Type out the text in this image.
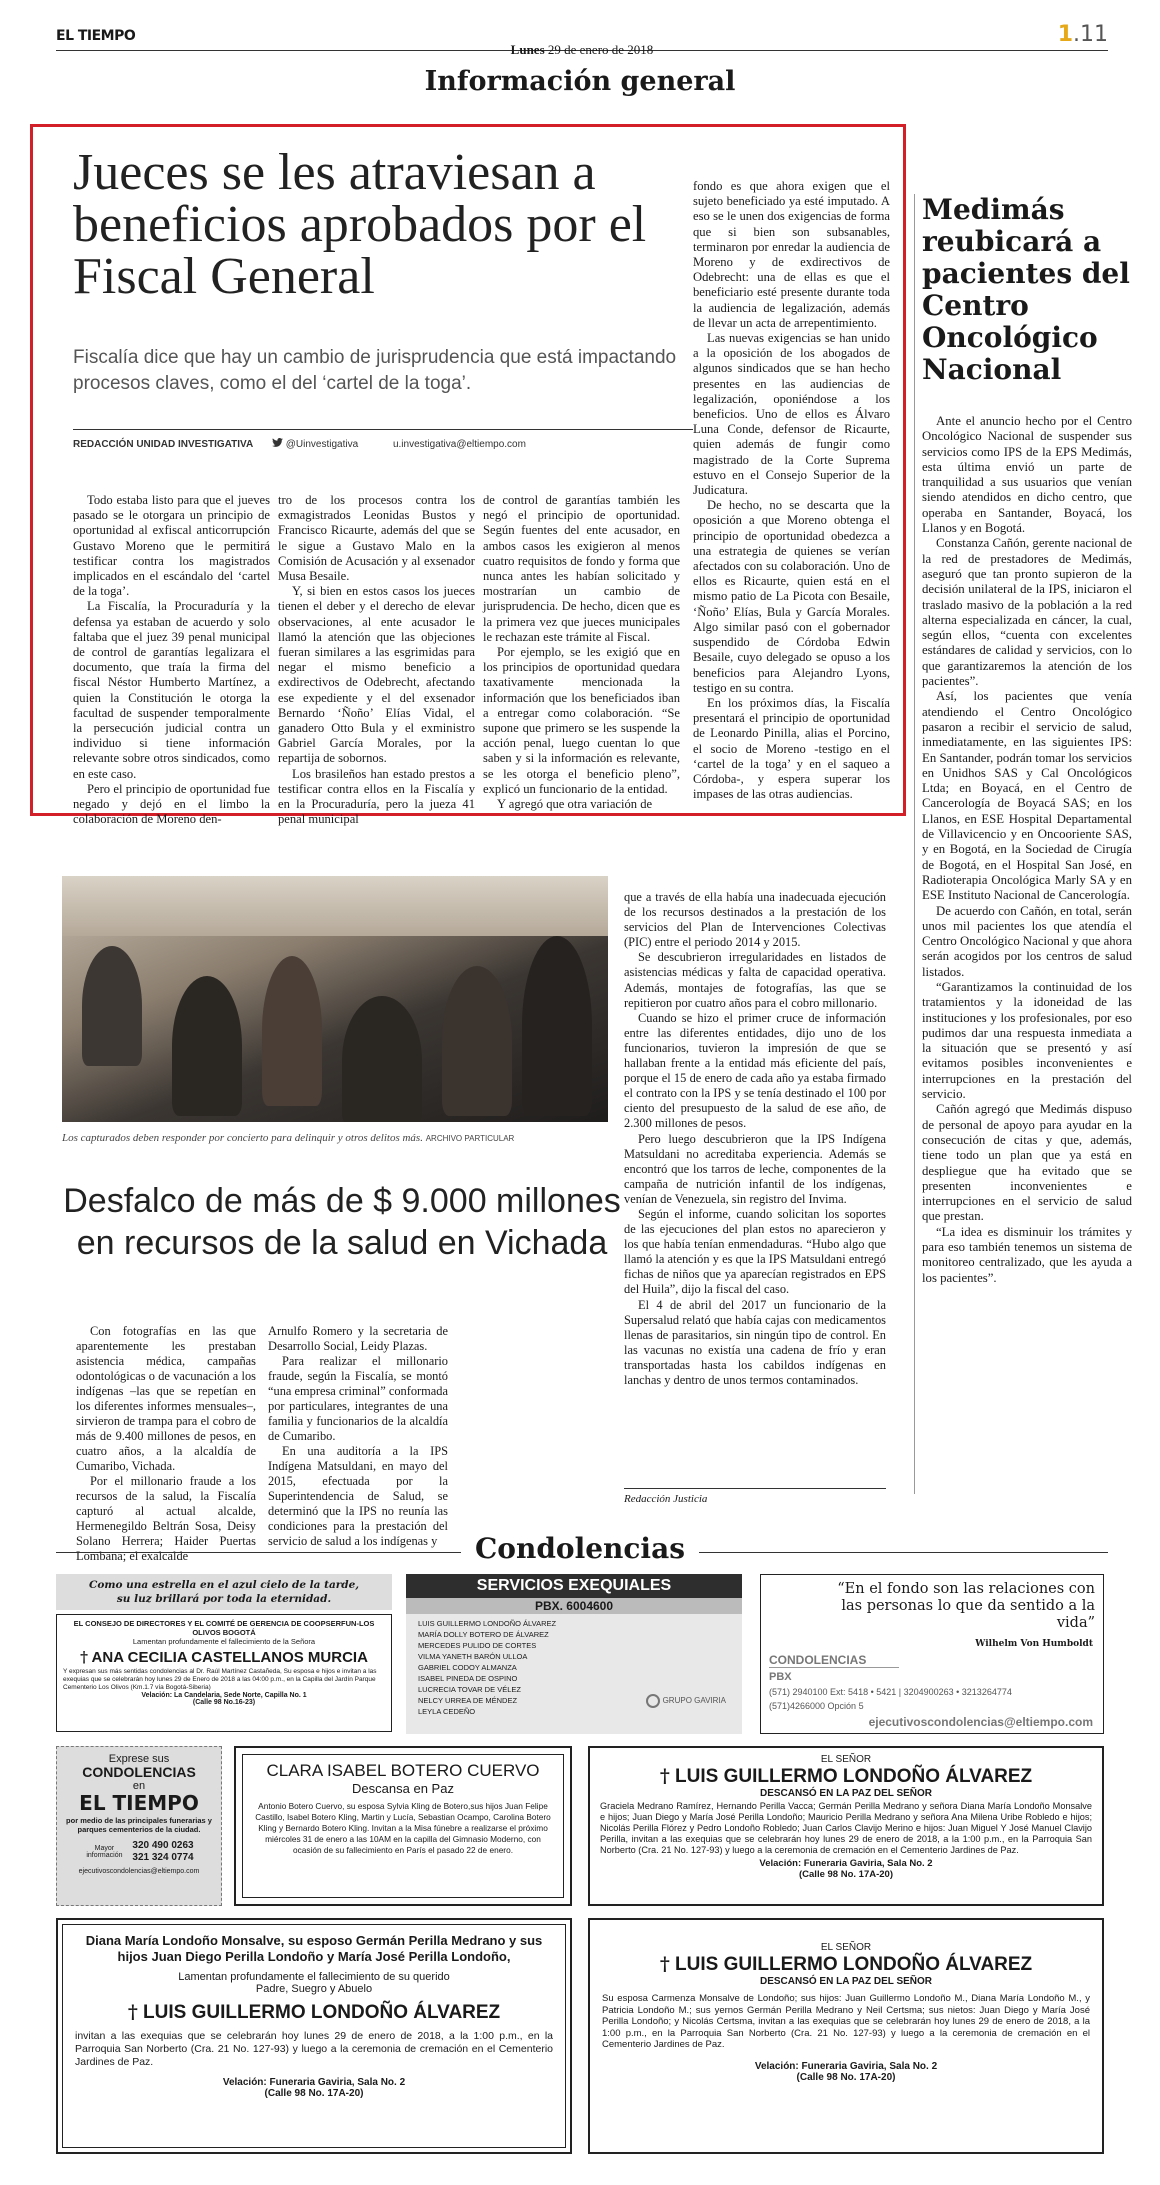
EL TIEMPO
Lunes 29 de enero de 2018
1.11
Información general
Jueces se les atraviesan a beneficios aprobados por el Fiscal General
Fiscalía dice que hay un cambio de jurisprudencia que está impactando procesos claves, como el del ‘cartel de la toga’.
REDACCIÓN UNIDAD INVESTIGATIVA	@Uinvestigativa	u.investigativa@eltiempo.com

Todo estaba listo para que el jueves pasado se le otorgara un principio de oportunidad al exfiscal anticorrupción Gustavo Moreno que le permitirá testificar contra los magistrados implicados en el escándalo del ‘cartel de la toga’.

La Fiscalía, la Procuraduría y la defensa ya estaban de acuerdo y solo faltaba que el juez 39 penal municipal de control de garantías legalizara el documento, que traía la firma del fiscal Néstor Humberto Martínez, a quien la Constitución le otorga la facultad de suspender temporalmente la persecución judicial contra un individuo si tiene información relevante sobre otros sindicados, como en este caso.

Pero el principio de oportunidad fue negado y dejó en el limbo la colaboración de Moreno den-

tro de los procesos contra los exmagistrados Leonidas Bustos y Francisco Ricaurte, además del que se le sigue a Gustavo Malo en la Comisión de Acusación y al exsenador Musa Besaile.

Y, si bien en estos casos los jueces tienen el deber y el derecho de elevar observaciones, al ente acusador le llamó la atención que las objeciones fueran similares a las esgrimidas para negar el mismo beneficio a exdirectivos de Odebrecht, afectando ese expediente y el del exsenador Bernardo ‘Ñoño’ Elías Vidal, el ganadero Otto Bula y el exministro Gabriel García Morales, por la repartija de sobornos.

Los brasileños han estado prestos a testificar contra ellos en la Fiscalía y en la Procuraduría, pero la jueza 41 penal municipal

de control de garantías también les negó el principio de oportunidad. Según fuentes del ente acusador, en ambos casos les exigieron al menos cuatro requisitos de fondo y forma que nunca antes les habían solicitado y mostrarían un cambio de jurisprudencia. De hecho, dicen que es la primera vez que jueces municipales le rechazan este trámite al Fiscal.

Por ejemplo, se les exigió que en los principios de oportunidad quedara taxativamente mencionada la información que los beneficiados iban a entregar como colaboración. “Se supone que primero se les suspende la acción penal, luego cuentan lo que saben y si la información es relevante, se les otorga el beneficio pleno”, explicó un funcionario de la entidad.

Y agregó que otra variación de

fondo es que ahora exigen que el sujeto beneficiado ya esté imputado. A eso se le unen dos exigencias de forma que si bien son subsanables, terminaron por enredar la audiencia de Moreno y de exdirectivos de Odebrecht: una de ellas es que el beneficiario esté presente durante toda la audiencia de legalización, además de llevar un acta de arrepentimiento.

Las nuevas exigencias se han unido a la oposición de los abogados de algunos sindicados que se han hecho presentes en las audiencias de legalización, oponiéndose a los beneficios. Uno de ellos es Álvaro Luna Conde, defensor de Ricaurte, quien además de fungir como magistrado de la Corte Suprema estuvo en el Consejo Superior de la Judicatura.

De hecho, no se descarta que la oposición a que Moreno obtenga el principio de oportunidad obedezca a una estrategia de quienes se verían afectados con su colaboración. Uno de ellos es Ricaurte, quien está en el mismo patio de La Picota con Besaile, ‘Ñoño’ Elías, Bula y García Morales. Algo similar pasó con el gobernador suspendido de Córdoba Edwin Besaile, cuyo delegado se opuso a los beneficios para Alejandro Lyons, testigo en su contra.

En los próximos días, la Fiscalía presentará el principio de oportunidad de Leonardo Pinilla, alias el Porcino, el socio de Moreno -testigo en el ‘cartel de la toga’ y en el saqueo a Córdoba-, y espera superar los impases de las otras audiencias.

Medimás reubicará a pacientes del Centro Oncológico Nacional

Ante el anuncio hecho por el Centro Oncológico Nacional de suspender sus servicios como IPS de la EPS Medimás, esta última envió un parte de tranquilidad a sus usuarios que venían siendo atendidos en dicho centro, que operaba en Santander, Boyacá, los Llanos y en Bogotá.

Constanza Cañón, gerente nacional de la red de prestadores de Medimás, aseguró que tan pronto supieron de la decisión unilateral de la IPS, iniciaron el traslado masivo de la población a la red alterna especializada en cáncer, la cual, según ellos, “cuenta con excelentes estándares de calidad y servicios, con lo que garantizaremos la atención de los pacientes”.

Así, los pacientes que venía atendiendo el Centro Oncológico pasaron a recibir el servicio de salud, inmediatamente, en las siguientes IPS: En Santander, podrán tomar los servicios en Unidhos SAS y Cal Oncológicos Ltda; en Boyacá, en el Centro de Cancerología de Boyacá SAS; en los Llanos, en ESE Hospital Departamental de Villavicencio y en Oncooriente SAS, y en Bogotá, en la Sociedad de Cirugía de Bogotá, en el Hospital San José, en Radioterapia Oncológica Marly SA y en ESE Instituto Nacional de Cancerología.

De acuerdo con Cañón, en total, serán unos mil pacientes los que atendía el Centro Oncológico Nacional y que ahora serán acogidos por los centros de salud listados.

“Garantizamos la continuidad de los tratamientos y la idoneidad de las instituciones y los profesionales, por eso pudimos dar una respuesta inmediata a la situación que se presentó y así evitamos posibles inconvenientes e interrupciones en la prestación del servicio.

Cañón agregó que Medimás dispuso de personal de apoyo para ayudar en la consecución de citas y que, además, tiene todo un plan que ya está en despliegue que ha evitado que se presenten inconvenientes e interrupciones en el servicio de salud que prestan.

“La idea es disminuir los trámites y para eso también tenemos un sistema de monitoreo centralizado, que les ayuda a los pacientes”.

Los capturados deben responder por concierto para delinquir y otros delitos más. ARCHIVO PARTICULAR
Desfalco de más de $ 9.000 millones en recursos de la salud en Vichada

Con fotografías en las que aparentemente les prestaban asistencia médica, campañas odontológicas o de vacunación a los indígenas –las que se repetían en los diferentes informes mensuales–, sirvieron de trampa para el cobro de más de 9.400 millones de pesos, en cuatro años, a la alcaldía de Cumaribo, Vichada.

Por el millonario fraude a los recursos de la salud, la Fiscalía capturó al actual alcalde, Hermenegildo Beltrán Sosa, Deisy Solano Herrera; Haider Puertas Lombana; el exalcalde

Arnulfo Romero y la secretaria de Desarrollo Social, Leidy Plazas.

Para realizar el millonario fraude, según la Fiscalía, se montó “una empresa criminal” conformada por particulares, integrantes de una familia y funcionarios de la alcaldía de Cumaribo.

En una auditoría a la IPS Indígena Matsuldani, en mayo del 2015, efectuada por la Superintendencia de Salud, se determinó que la IPS no reunía las condiciones para la prestación del servicio de salud a los indígenas y

que a través de ella había una inadecuada ejecución de los recursos destinados a la prestación de los servicios del Plan de Intervenciones Colectivas (PIC) entre el periodo 2014 y 2015.

Se descubrieron irregularidades en listados de asistencias médicas y falta de capacidad operativa. Además, montajes de fotografías, las que se repitieron por cuatro años para el cobro millonario.

Cuando se hizo el primer cruce de información entre las diferentes entidades, dijo uno de los funcionarios, tuvieron la impresión de que se hallaban frente a la entidad más eficiente del país, porque el 15 de enero de cada año ya estaba firmado el contrato con la IPS y se tenía destinado el 100 por ciento del presupuesto de la salud de ese año, de 2.300 millones de pesos.

Pero luego descubrieron que la IPS Indígena Matsuldani no acreditaba experiencia. Además se encontró que los tarros de leche, componentes de la campaña de nutrición infantil de los indígenas, venían de Venezuela, sin registro del Invima.

Según el informe, cuando solicitan los soportes de las ejecuciones del plan estos no aparecieron y los que había tenían enmendaduras. “Hubo algo que llamó la atención y es que la IPS Matsuldani entregó fichas de niños que ya aparecían registrados en EPS del Huila”, dijo la fiscal del caso.

El 4 de abril del 2017 un funcionario de la Supersalud relató que había cajas con medicamentos llenas de parasitarios, sin ningún tipo de control. En las vacunas no existía una cadena de frío y eran transportadas hasta los cabildos indígenas en lanchas y dentro de unos termos contaminados.

Redacción Justicia
Condolencias
Como una estrella en el azul cielo de la tarde,
su luz brillará por toda la eternidad.
EL CONSEJO DE DIRECTORES Y EL COMITÉ DE GERENCIA DE COOPSERFUN-LOS OLIVOS BOGOTÁ
Lamentan profundamente el fallecimiento de la Señora
† ANA CECILIA CASTELLANOS MURCIA
Y expresan sus más sentidas condolencias al Dr. Raúl Martínez Castañeda, Su esposa e hijos e invitan a las exequias que se celebrarán hoy lunes 29 de Enero de 2018 a las 04:00 p.m., en la Capilla del Jardín Parque Cementerio Los Olivos (Km.1.7 vía Bogotá-Siberia)
Velación: La Candelaria, Sede Norte, Capilla No. 1
(Calle 98 No.16-23)
SERVICIOS EXEQUIALES
PBX. 6004600
LUIS GUILLERMO LONDOÑO ÁLVAREZ
MARÍA DOLLY BOTERO DE ÁLVAREZ
MERCEDES PULIDO DE CORTES
VILMA YANETH BARÓN ULLOA
GABRIEL CODOY ALMANZA
ISABEL PINEDA DE OSPINO
LUCRECIA TOVAR DE VÉLEZ
NELCY URREA DE MÉNDEZ
LEYLA CEDEÑO
GRUPO GAVIRIA
“En el fondo son las relaciones con las personas lo que da sentido a la vida”
Wilhelm Von Humboldt
CONDOLENCIAS
PBX
(571) 2940100 Ext: 5418 • 5421 | 3204900263 • 3213264774
(571)4266000 Opción 5
ejecutivoscondolencias@eltiempo.com
Exprese sus
CONDOLENCIAS
en
EL TIEMPO
por medio de las principales funerarias y parques cementerios de la ciudad.
Mayor información
320 490 0263
321 324 0774
ejecutivoscondolencias@eltiempo.com
CLARA ISABEL BOTERO CUERVO
Descansa en Paz
Antonio Botero Cuervo, su esposa Sylvia Kling de Botero,sus hijos Juan Felipe Castillo, Isabel Botero Kling, Martin y Lucía, Sebastian Ocampo, Carolina Botero Kling y Bernardo Botero Kling. Invitan a la Misa fúnebre a realizarse el próximo miércoles 31 de enero a las 10AM en la capilla del Gimnasio Moderno, con ocasión de su fallecimiento en París el pasado 22 de enero.
EL SEÑOR
† LUIS GUILLERMO LONDOÑO ÁLVAREZ
DESCANSÓ EN LA PAZ DEL SEÑOR
Graciela Medrano Ramírez, Hernando Perilla Vacca; Germán Perilla Medrano y señora Diana María Londoño Monsalve e hijos; Juan Diego y María José Perilla Londoño; Mauricio Perilla Medrano y señora Ana Milena Uribe Robledo e hijos; Nicolás Perilla Flórez y Pedro Londoño Robledo; Juan Carlos Clavijo Merino e hijos: Juan Miguel Y José Manuel Clavijo Perilla, invitan a las exequias que se celebrarán hoy lunes 29 de enero de 2018, a la 1:00 p.m., en la Parroquia San Norberto (Cra. 21 No. 127-93) y luego a la ceremonia de cremación en el Cementerio Jardines de Paz.
Velación: Funeraria Gaviria, Sala No. 2
(Calle 98 No. 17A-20)
Diana María Londoño Monsalve, su esposo Germán Perilla Medrano y sus hijos Juan Diego Perilla Londoño y María José Perilla Londoño,
Lamentan profundamente el fallecimiento de su querido
Padre, Suegro y Abuelo
† LUIS GUILLERMO LONDOÑO ÁLVAREZ
invitan a las exequias que se celebrarán hoy lunes 29 de enero de 2018, a la 1:00 p.m., en la Parroquia San Norberto (Cra. 21 No. 127-93) y luego a la ceremonia de cremación en el Cementerio Jardines de Paz.
Velación: Funeraria Gaviria, Sala No. 2
(Calle 98 No. 17A-20)
EL SEÑOR
† LUIS GUILLERMO LONDOÑO ÁLVAREZ
DESCANSÓ EN LA PAZ DEL SEÑOR
Su esposa Carmenza Monsalve de Londoño; sus hijos: Juan Guillermo Londoño M., Diana María Londoño M., y Patricia Londoño M.; sus yernos Germán Perilla Medrano y Neil Certsma; sus nietos: Juan Diego y María José Perilla Londoño; y Nicolás Certsma, invitan a las exequias que se celebrarán hoy lunes 29 de enero de 2018, a la 1:00 p.m., en la Parroquia San Norberto (Cra. 21 No. 127-93) y luego a la ceremonia de cremación en el Cementerio Jardines de Paz.
Velación: Funeraria Gaviria, Sala No. 2
(Calle 98 No. 17A-20)
